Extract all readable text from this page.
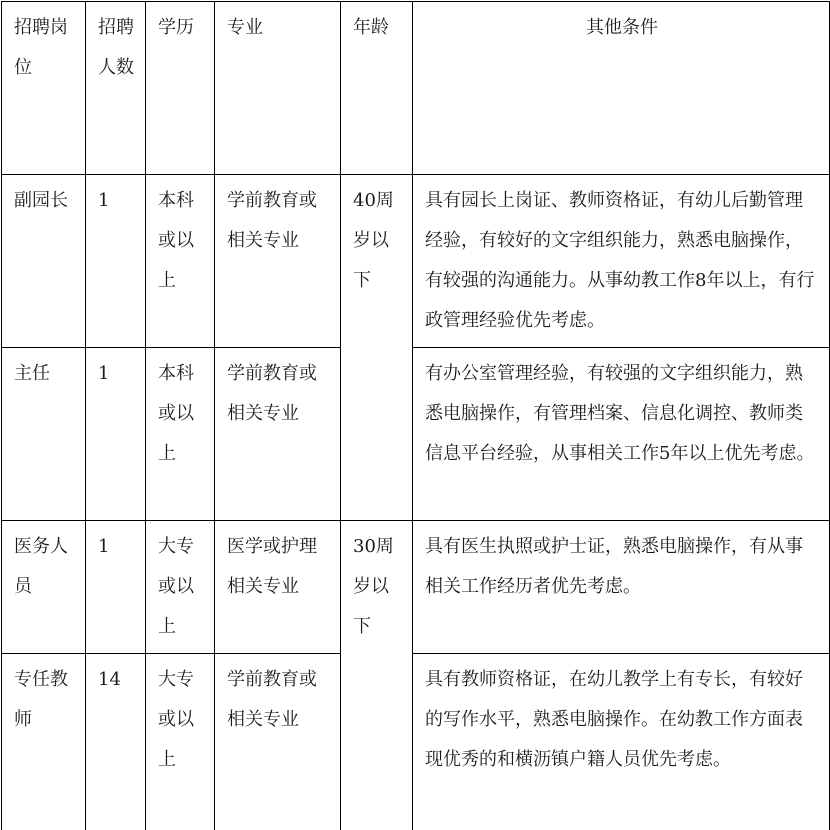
招聘岗位	招聘人数	学历	专业	年龄	其他条件
副园长	1	本科或以上	学前教育或相关专业	40周岁以下	具有园长上岗证、教师资格证，有幼儿后勤管理经验，有较好的文字组织能力，熟悉电脑操作，有较强的沟通能力。从事幼教工作8年以上，有行政管理经验优先考虑。
主任	1	本科或以上	学前教育或相关专业		有办公室管理经验，有较强的文字组织能力，熟悉电脑操作，有管理档案、信息化调控、教师类信息平台经验，从事相关工作5年以上优先考虑。
医务人员	1	大专或以上	医学或护理相关专业	30周岁以下	具有医生执照或护士证，熟悉电脑操作，有从事相关工作经历者优先考虑。
专任教师	14	大专或以上	学前教育或相关专业		具有教师资格证，在幼儿教学上有专长，有较好的写作水平，熟悉电脑操作。在幼教工作方面表现优秀的和横沥镇户籍人员优先考虑。
